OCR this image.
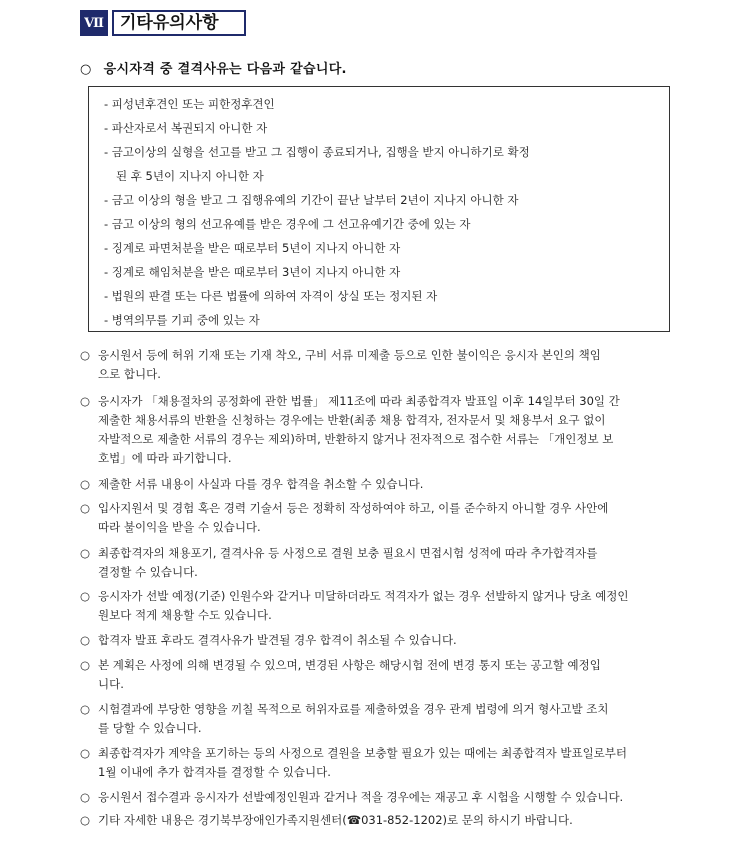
Ⅶ 기타유의사항
○ 응시자격 중 결격사유는 다음과 같습니다.
- 피성년후견인 또는 피한정후견인
- 파산자로서 복권되지 아니한 자
- 금고이상의 실형을 선고를 받고 그 집행이 종료되거나, 집행을 받지 아니하기로 확정
된 후 5년이 지나지 아니한 자
- 금고 이상의 형을 받고 그 집행유예의 기간이 끝난 날부터 2년이 지나지 아니한 자
- 금고 이상의 형의 선고유예를 받은 경우에 그 선고유예기간 중에 있는 자
- 징계로 파면처분을 받은 때로부터 5년이 지나지 아니한 자
- 징계로 해임처분을 받은 때로부터 3년이 지나지 아니한 자
- 법원의 판결 또는 다른 법률에 의하여 자격이 상실 또는 정지된 자
- 병역의무를 기피 중에 있는 자
○ 응시원서 등에 허위 기재 또는 기재 착오, 구비 서류 미제출 등으로 인한 불이익은 응시자 본인의 책임
으로 합니다.
○ 응시자가 「채용절차의 공정화에 관한 법률」 제11조에 따라 최종합격자 발표일 이후 14일부터 30일 간
제출한 채용서류의 반환을 신청하는 경우에는 반환(최종 채용 합격자, 전자문서 및 채용부서 요구 없이
자발적으로 제출한 서류의 경우는 제외)하며, 반환하지 않거나 전자적으로 접수한 서류는 「개인정보 보
호법」에 따라 파기합니다.
○ 제출한 서류 내용이 사실과 다를 경우 합격을 취소할 수 있습니다.
○ 입사지원서 및 경험 혹은 경력 기술서 등은 정확히 작성하여야 하고, 이를 준수하지 아니할 경우 사안에
따라 불이익을 받을 수 있습니다.
○ 최종합격자의 채용포기, 결격사유 등 사정으로 결원 보충 필요시 면접시험 성적에 따라 추가합격자를
결정할 수 있습니다.
○ 응시자가 선발 예정(기준) 인원수와 같거나 미달하더라도 적격자가 없는 경우 선발하지 않거나 당초 예정인
원보다 적게 채용할 수도 있습니다.
○ 합격자 발표 후라도 결격사유가 발견될 경우 합격이 취소될 수 있습니다.
○ 본 계획은 사정에 의해 변경될 수 있으며, 변경된 사항은 해당시험 전에 변경 통지 또는 공고할 예정입
니다.
○ 시험결과에 부당한 영향을 끼칠 목적으로 허위자료를 제출하였을 경우 관계 법령에 의거 형사고발 조치
를 당할 수 있습니다.
○ 최종합격자가 계약을 포기하는 등의 사정으로 결원을 보충할 필요가 있는 때에는 최종합격자 발표일로부터
1월 이내에 추가 합격자를 결정할 수 있습니다.
○ 응시원서 접수결과 응시자가 선발예정인원과 같거나 적을 경우에는 재공고 후 시험을 시행할 수 있습니다.
○ 기타 자세한 내용은 경기북부장애인가족지원센터(☎031-852-1202)로 문의 하시기 바랍니다.
